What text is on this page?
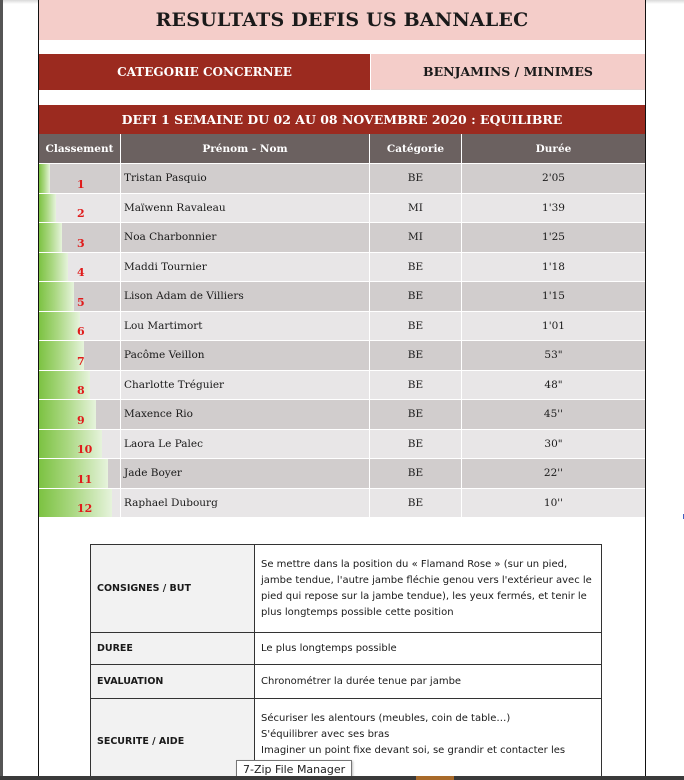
RESULTATS DEFIS US BANNALEC
CATEGORIE CONCERNEE	BENJAMINS / MINIMES
DEFI 1 SEMAINE DU 02 AU 08 NOVEMBRE 2020 : EQUILIBRE
Classement	Prénom - Nom	Catégorie	Durée
1	Tristan Pasquio	BE	2'05
2	Maïwenn Ravaleau	MI	1'39
3	Noa Charbonnier	MI	1'25
4	Maddi Tournier	BE	1'18
5	Lison Adam de Villiers	BE	1'15
6	Lou Martimort	BE	1'01
7	Pacôme Veillon	BE	53"
8	Charlotte Tréguier	BE	48"
9	Maxence Rio	BE	45''
10	Laora Le Palec	BE	30"
11	Jade Boyer	BE	22''
12	Raphael Dubourg	BE	10''
CONSIGNES / BUT	Se mettre dans la position du « Flamand Rose » (sur un pied, jambe tendue, l'autre jambe fléchie genou vers l'extérieur avec le pied qui repose sur la jambe tendue), les yeux fermés, et tenir le plus longtemps possible cette position
DUREE	Le plus longtemps possible
EVALUATION	Chronométrer la durée tenue par jambe
SECURITE / AIDE	Sécuriser les alentours (meubles, coin de table…)
S'équilibrer avec ses bras
Imaginer un point fixe devant soi, se grandir et contacter les
7-Zip File Manager
